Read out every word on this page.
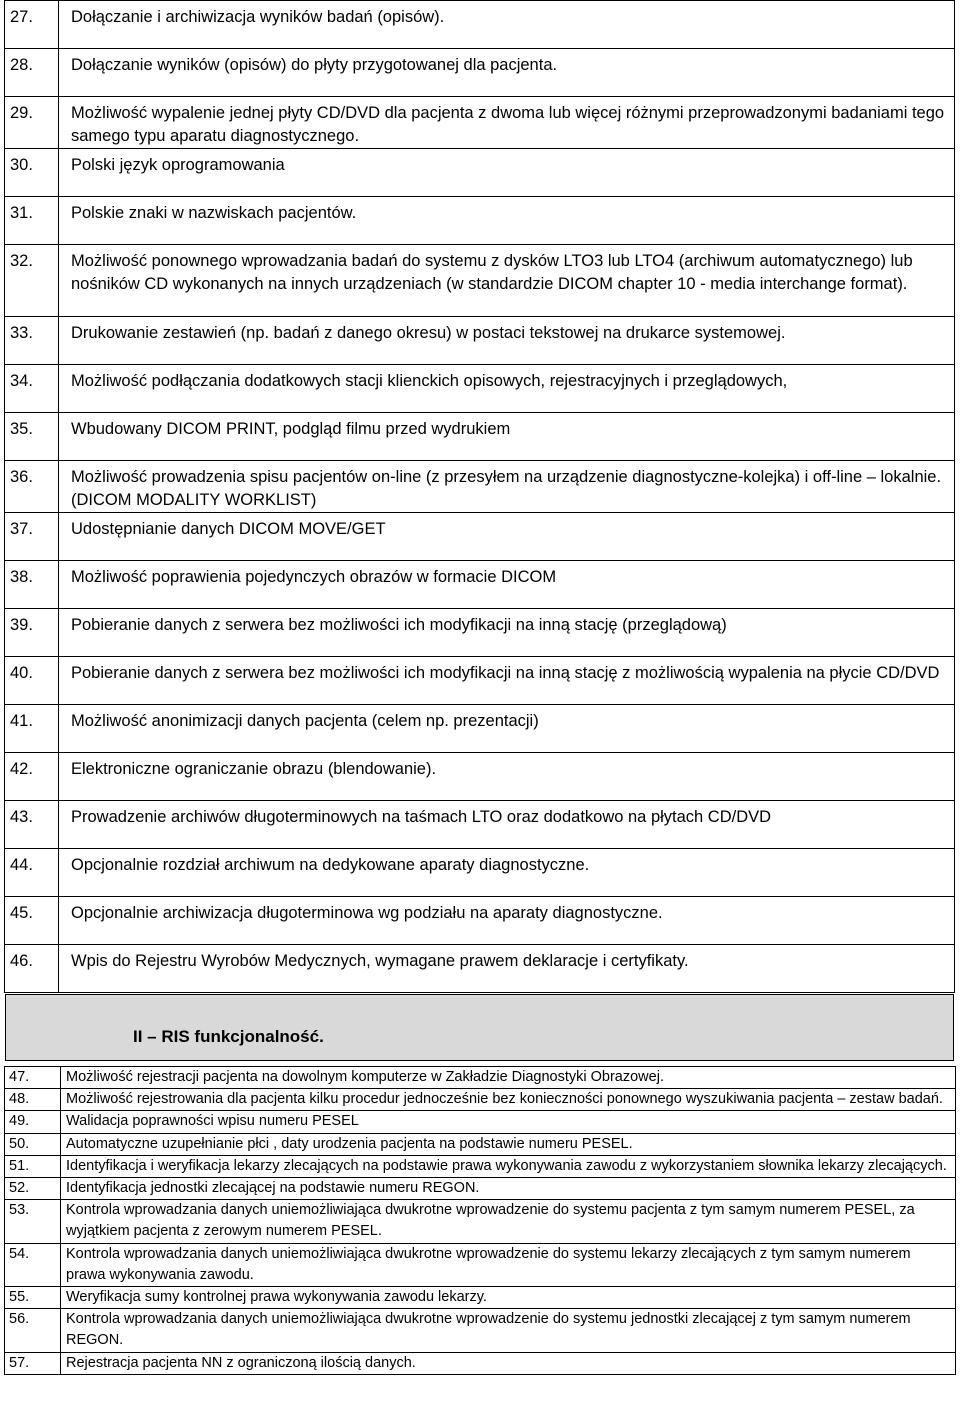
27.	Dołączanie i archiwizacja wyników badań (opisów).
28.	Dołączanie wyników (opisów) do płyty przygotowanej dla pacjenta.
29.	Możliwość wypalenie jednej płyty CD/DVD dla pacjenta z dwoma lub więcej różnymi przeprowadzonymi badaniami tego samego typu aparatu diagnostycznego.
30.	Polski język oprogramowania
31.	Polskie znaki w nazwiskach pacjentów.
32.	Możliwość ponownego wprowadzania badań do systemu z dysków LTO3 lub LTO4 (archiwum automatycznego) lub nośników CD wykonanych na innych urządzeniach (w standardzie DICOM chapter 10 - media interchange format).
33.	Drukowanie zestawień (np. badań z danego okresu) w postaci tekstowej na drukarce systemowej.
34.	Możliwość podłączania dodatkowych stacji klienckich opisowych, rejestracyjnych i przeglądowych,
35.	Wbudowany DICOM PRINT, podgląd filmu przed wydrukiem
36.	Możliwość prowadzenia spisu pacjentów on-line (z przesyłem na urządzenie diagnostyczne-kolejka) i off-line – lokalnie.(DICOM MODALITY WORKLIST)
37.	Udostępnianie danych DICOM MOVE/GET
38.	Możliwość poprawienia pojedynczych obrazów w formacie DICOM
39.	Pobieranie danych z serwera bez możliwości ich modyfikacji na inną stację (przeglądową)
40.	Pobieranie danych z serwera bez możliwości ich modyfikacji na inną stację z możliwością wypalenia na płycie CD/DVD
41.	Możliwość anonimizacji danych pacjenta (celem np. prezentacji)
42.	Elektroniczne ograniczanie obrazu (blendowanie).
43.	Prowadzenie archiwów długoterminowych na taśmach LTO oraz dodatkowo na płytach CD/DVD
44.	Opcjonalnie rozdział archiwum na dedykowane aparaty diagnostyczne.
45.	Opcjonalnie archiwizacja długoterminowa wg podziału na aparaty diagnostyczne.
46.	Wpis do Rejestru Wyrobów Medycznych, wymagane prawem deklaracje i certyfikaty.
II – RIS funkcjonalność.
47.	Możliwość rejestracji pacjenta na dowolnym komputerze w Zakładzie Diagnostyki Obrazowej.
48.	Możliwość rejestrowania dla pacjenta kilku procedur jednocześnie bez konieczności ponownego wyszukiwania pacjenta – zestaw badań.
49.	Walidacja poprawności wpisu numeru PESEL
50.	Automatyczne uzupełnianie płci , daty urodzenia pacjenta na podstawie numeru PESEL.
51.	Identyfikacja i weryfikacja lekarzy zlecających na podstawie prawa wykonywania zawodu z wykorzystaniem słownika lekarzy zlecających.
52.	Identyfikacja jednostki zlecającej na podstawie numeru REGON.
53.	Kontrola wprowadzania danych uniemożliwiająca dwukrotne wprowadzenie do systemu pacjenta z tym samym numerem PESEL, za wyjątkiem pacjenta z zerowym numerem PESEL.
54.	Kontrola wprowadzania danych uniemożliwiająca dwukrotne wprowadzenie do systemu lekarzy zlecających z tym samym numerem prawa wykonywania zawodu.
55.	Weryfikacja sumy kontrolnej prawa wykonywania zawodu lekarzy.
56.	Kontrola wprowadzania danych uniemożliwiająca dwukrotne wprowadzenie do systemu jednostki zlecającej z tym samym numerem REGON.
57.	Rejestracja pacjenta NN z ograniczoną ilością danych.
